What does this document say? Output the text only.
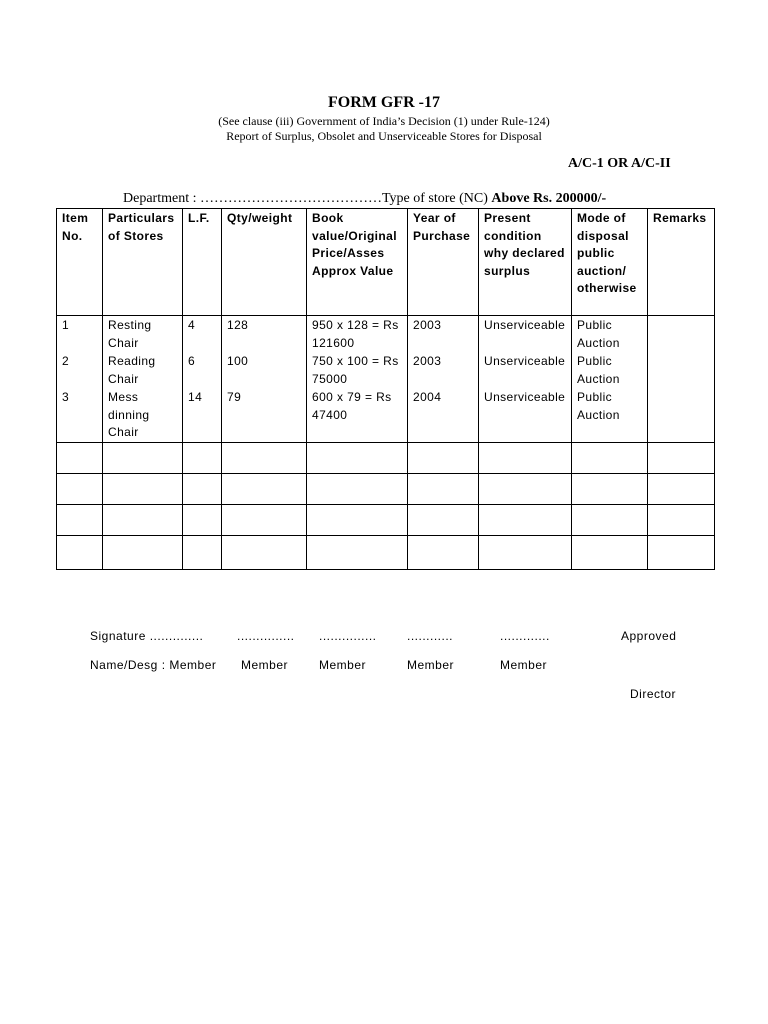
FORM GFR -17
(See clause (iii) Government of India’s Decision (1) under Rule-124)
Report of Surplus, Obsolet and Unserviceable Stores for Disposal
A/C-1 OR A/C-II
Department : …………………………………Type of store (NC) Above Rs. 200000/-
Item No.	Particulars of Stores	L.F.	Qty/weight	Book value/Original Price/Asses Approx Value	Year of Purchase	Present condition why declared surplus	Mode of disposal public auction/ otherwise	Remarks
1	Resting Chair	4	128	950 x 128 = Rs 121600	2003	Unserviceable	Public Auction	
2	Reading Chair	6	100	750 x 100 = Rs 75000	2003	Unserviceable	Public Auction	
3	Mess dinning Chair	14	79	600 x 79 = Rs 47400	2004	Unserviceable	Public Auction	

Signature ..............	............... ...............	............	.............	Approved
Name/Desg : Member Member	Member	Member	Member
Director
